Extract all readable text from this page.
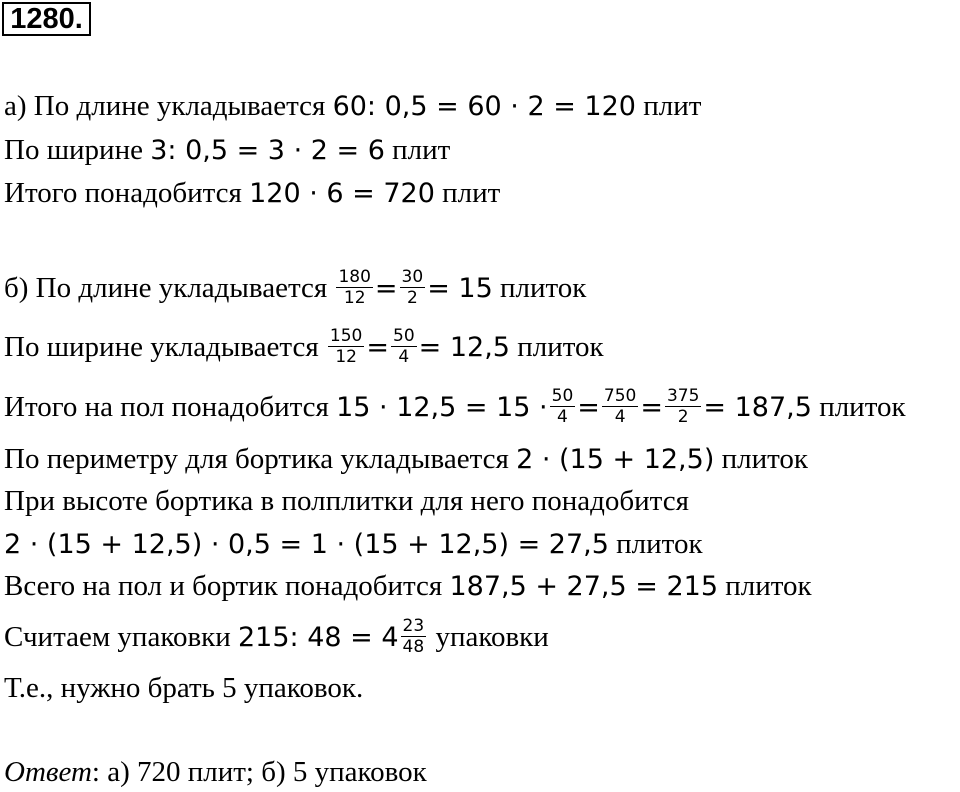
1280.
а) По длине укладывается 60: 0,5 = 60 · 2 = 120 плит
По ширине 3: 0,5 = 3 · 2 = 6 плит
Итого понадобится 120 · 6 = 720 плит
б) По длине укладывается $\frac{180}{12} = \frac{30}{2} = 15$ плиток
По ширине укладывается $\frac{150}{12} = \frac{50}{4} = 12,5$ плиток
Итого на пол понадобится $15 \cdot 12,5 = 15 \cdot \frac{50}{4} = \frac{750}{4} = \frac{375}{2} = 187,5$ плиток
По периметру для бортика укладывается 2 · (15 + 12,5) плиток
При высоте бортика в полплитки для него понадобится
2 · (15 + 12,5) · 0,5 = 1 · (15 + 12,5) = 27,5 плиток
Всего на пол и бортик понадобится 187,5 + 27,5 = 215 плиток
Считаем упаковки 215: $48 = 4 \frac{23}{48}$ упаковки
Т.е., нужно брать 5 упаковок.
Ответ: а) 720 плит; б) 5 упаковок
